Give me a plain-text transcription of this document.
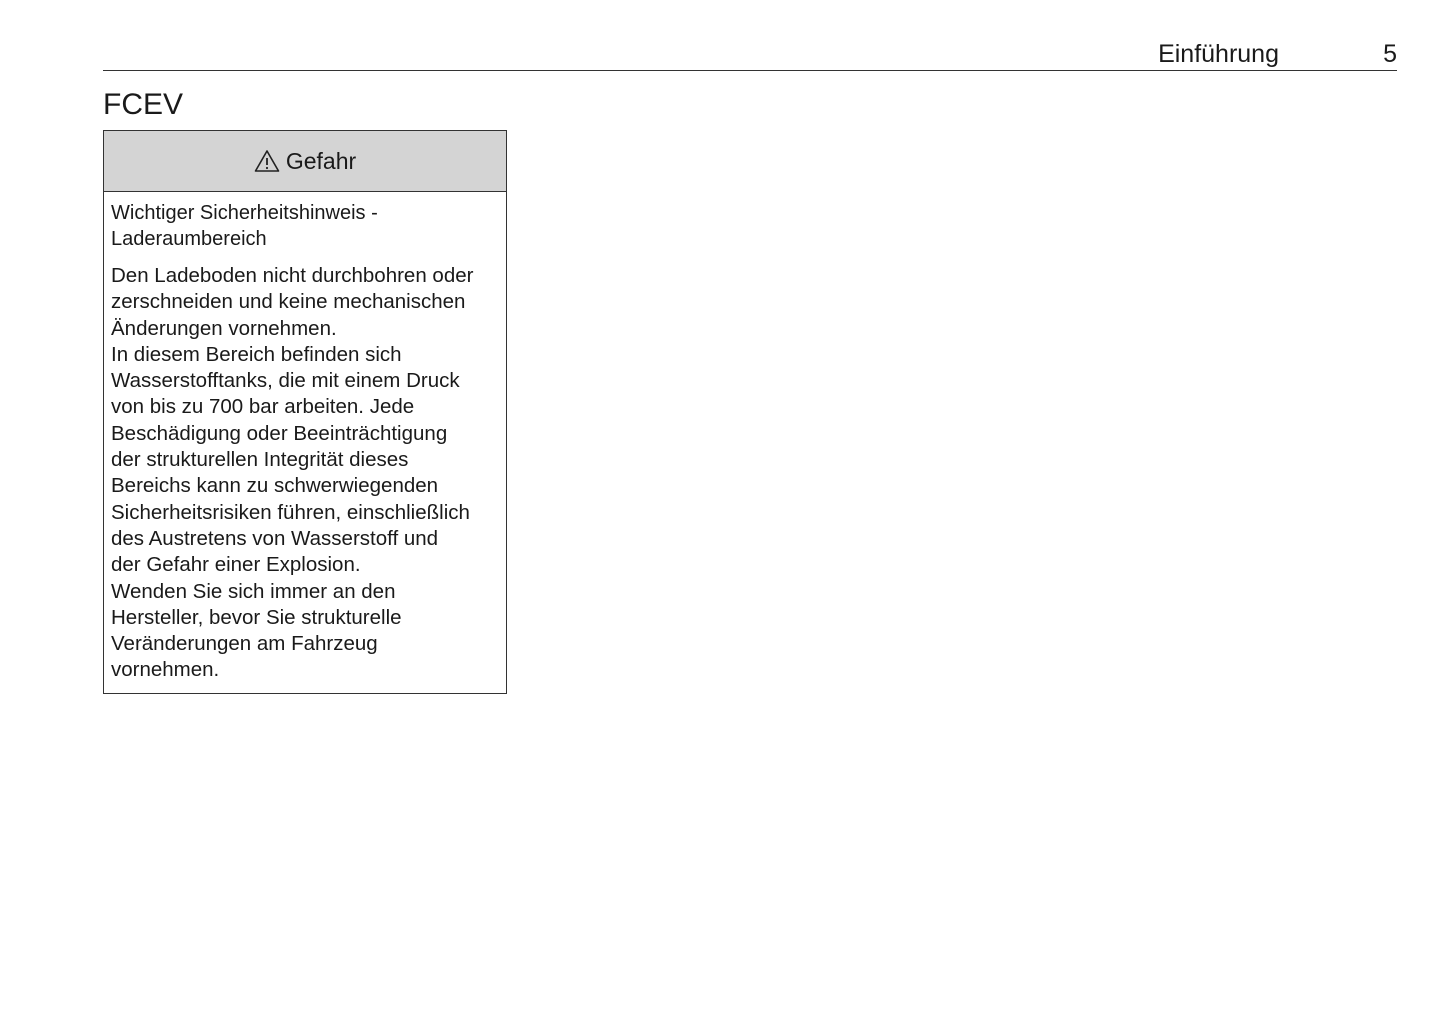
Einführung	5
FCEV
Gefahr

Wichtiger Sicherheitshinweis -
Laderaumbereich

Den Ladeboden nicht durchbohren oder
zerschneiden und keine mechanischen
Änderungen vornehmen.
In diesem Bereich befinden sich
Wasserstofftanks, die mit einem Druck
von bis zu 700 bar arbeiten. Jede
Beschädigung oder Beeinträchtigung
der strukturellen Integrität dieses
Bereichs kann zu schwerwiegenden
Sicherheitsrisiken führen, einschließlich
des Austretens von Wasserstoff und
der Gefahr einer Explosion.
Wenden Sie sich immer an den
Hersteller, bevor Sie strukturelle
Veränderungen am Fahrzeug
vornehmen.
